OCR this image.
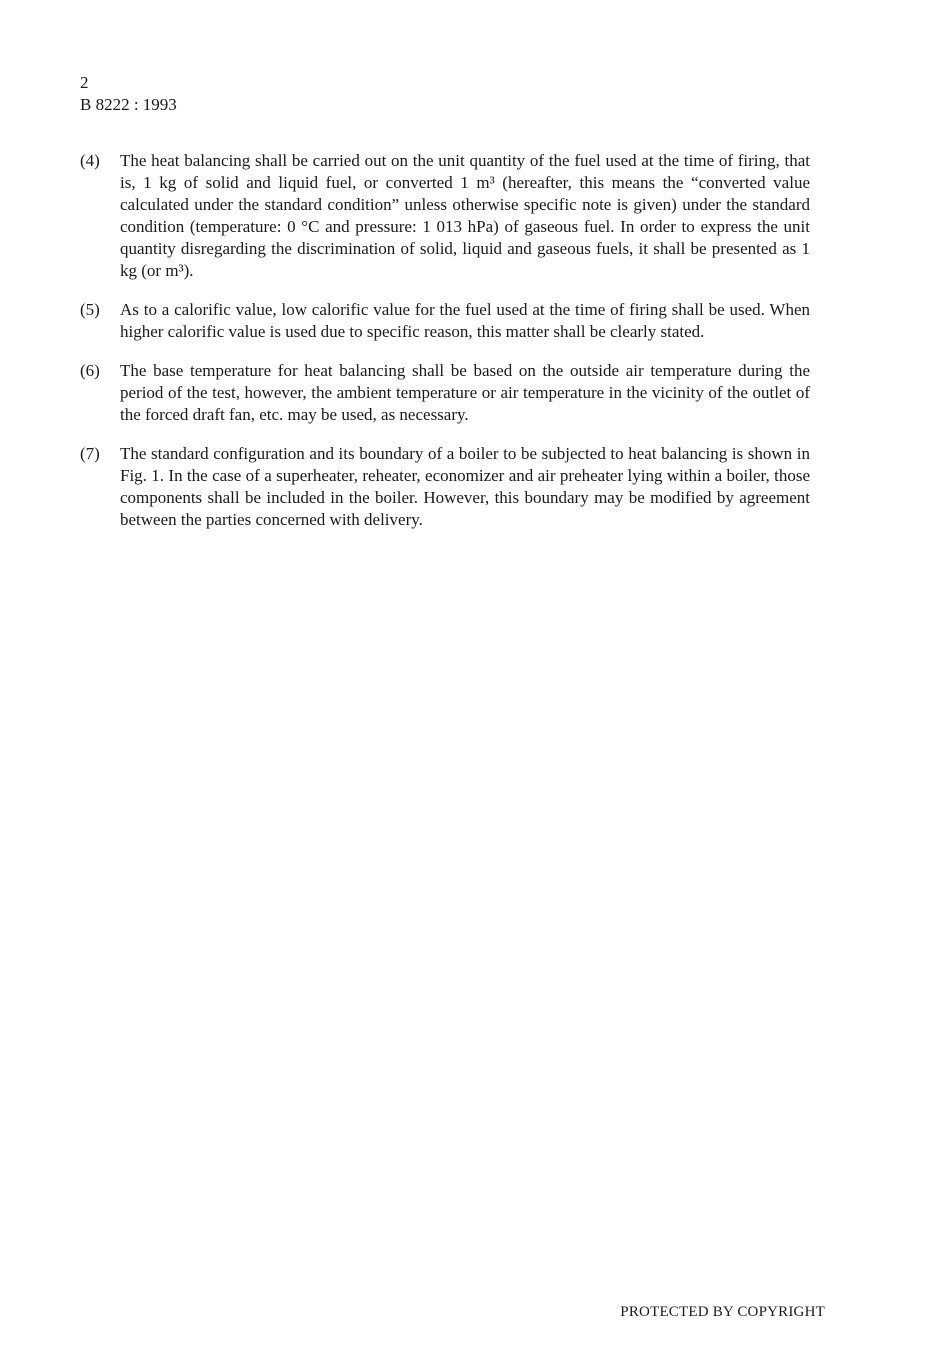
2
B 8222 : 1993
(4) The heat balancing shall be carried out on the unit quantity of the fuel used at the time of firing, that is, 1 kg of solid and liquid fuel, or converted 1 m³ (hereafter, this means the “converted value calculated under the standard condition” unless otherwise specific note is given) under the standard condition (temperature: 0 °C and pressure: 1 013 hPa) of gaseous fuel. In order to express the unit quantity disregarding the discrimination of solid, liquid and gaseous fuels, it shall be presented as 1 kg (or m³).
(5) As to a calorific value, low calorific value for the fuel used at the time of firing shall be used. When higher calorific value is used due to specific reason, this matter shall be clearly stated.
(6) The base temperature for heat balancing shall be based on the outside air temperature during the period of the test, however, the ambient temperature or air temperature in the vicinity of the outlet of the forced draft fan, etc. may be used, as necessary.
(7) The standard configuration and its boundary of a boiler to be subjected to heat balancing is shown in Fig. 1. In the case of a superheater, reheater, economizer and air preheater lying within a boiler, those components shall be included in the boiler. However, this boundary may be modified by agreement between the parties concerned with delivery.
PROTECTED BY COPYRIGHT
